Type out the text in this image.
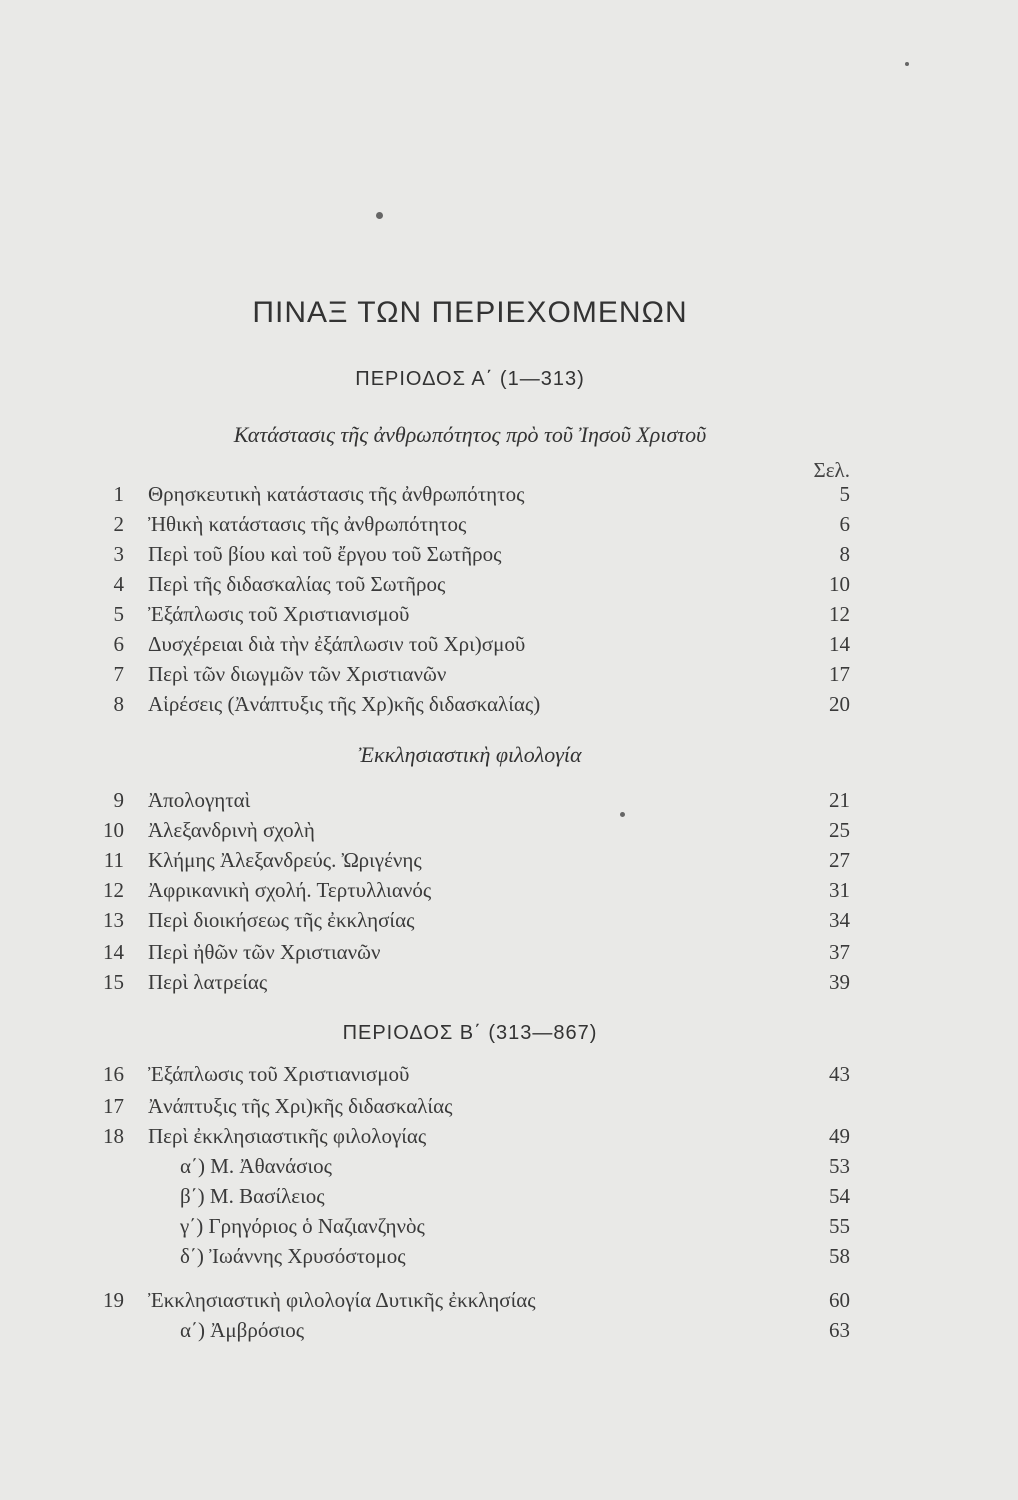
ΠΙΝΑΞ ΤΩΝ ΠΕΡΙΕΧΟΜΕΝΩΝ
ΠΕΡΙΟΔΟΣ Α΄ (1—313)
Κατάστασις τῆς ἀνθρωπότητος πρὸ τοῦ Ἰησοῦ Χριστοῦ
Σελ.
1 Θρησκευτικὴ κατάστασις τῆς ἀνθρωπότητος	5
2 Ἠθικὴ κατάστασις τῆς ἀνθρωπότητος	6
3 Περὶ τοῦ βίου καὶ τοῦ ἔργου τοῦ Σωτῆρος	8
4 Περὶ τῆς διδασκαλίας τοῦ Σωτῆρος	10
5 Ἐξάπλωσις τοῦ Χριστιανισμοῦ	12
6 Δυσχέρειαι διὰ τὴν ἐξάπλωσιν τοῦ Χρι)σμοῦ	14
7 Περὶ τῶν διωγμῶν τῶν Χριστιανῶν	17
8 Αἱρέσεις (Ἀνάπτυξις τῆς Χρ)κῆς διδασκαλίας)	20
Ἐκκλησιαστικὴ φιλολογία
9 Ἀπολογηταὶ	21
10 Ἀλεξανδρινὴ σχολὴ	25
11 Κλήμης Ἀλεξανδρεύς. Ὠριγένης	27
12 Ἀφρικανικὴ σχολή. Τερτυλλιανός	31
13 Περὶ διοικήσεως τῆς ἐκκλησίας	34
14 Περὶ ἠθῶν τῶν Χριστιανῶν	37
15 Περὶ λατρείας	39
ΠΕΡΙΟΔΟΣ Β΄ (313—867)
16 Ἐξάπλωσις τοῦ Χριστιανισμοῦ	43
17 Ἀνάπτυξις τῆς Χρι)κῆς διδασκαλίας
18 Περὶ ἐκκλησιαστικῆς φιλολογίας	49
α΄) Μ. Ἀθανάσιος	53
β΄) Μ. Βασίλειος	54
γ΄) Γρηγόριος ὁ Ναζιανζηνὸς	55
δ΄) Ἰωάννης Χρυσόστομος	58
19 Ἐκκλησιαστικὴ φιλολογία Δυτικῆς ἐκκλησίας	60
α΄) Ἀμβρόσιος	63
